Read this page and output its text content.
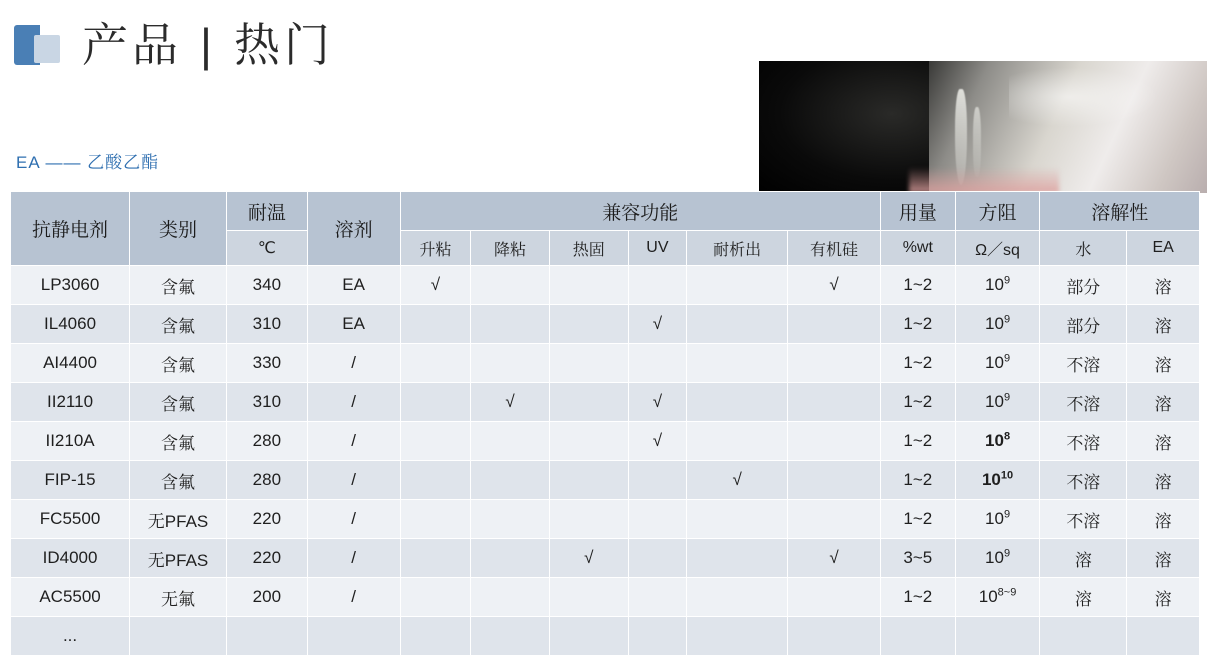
产品 | 热门
EA —— 乙酸乙酯
抗静电剂	类别	耐温	溶剂	兼容功能						用量	方阻	溶解性	
		℃		升粘	降粘	热固	UV	耐析出	有机硅	%wt	Ω／sq	水	EA
LP3060	含氟	340	EA	√					√	1~2	$10^9$	部分	溶
IL4060	含氟	310	EA				√			1~2	$10^9$	部分	溶
AI4400	含氟	330	/							1~2	$10^9$	不溶	溶
II2110	含氟	310	/		√		√			1~2	$10^9$	不溶	溶
II210A	含氟	280	/				√			1~2	$10^8$	不溶	溶
FIP-15	含氟	280	/					√		1~2	$10^{10}$	不溶	溶
FC5500	无PFAS	220	/							1~2	$10^9$	不溶	溶
ID4000	无PFAS	220	/			√			√	3~5	$10^9$	溶	溶
AC5500	无氟	200	/							1~2	$10^{8\sim 9}$	溶	溶
...													
